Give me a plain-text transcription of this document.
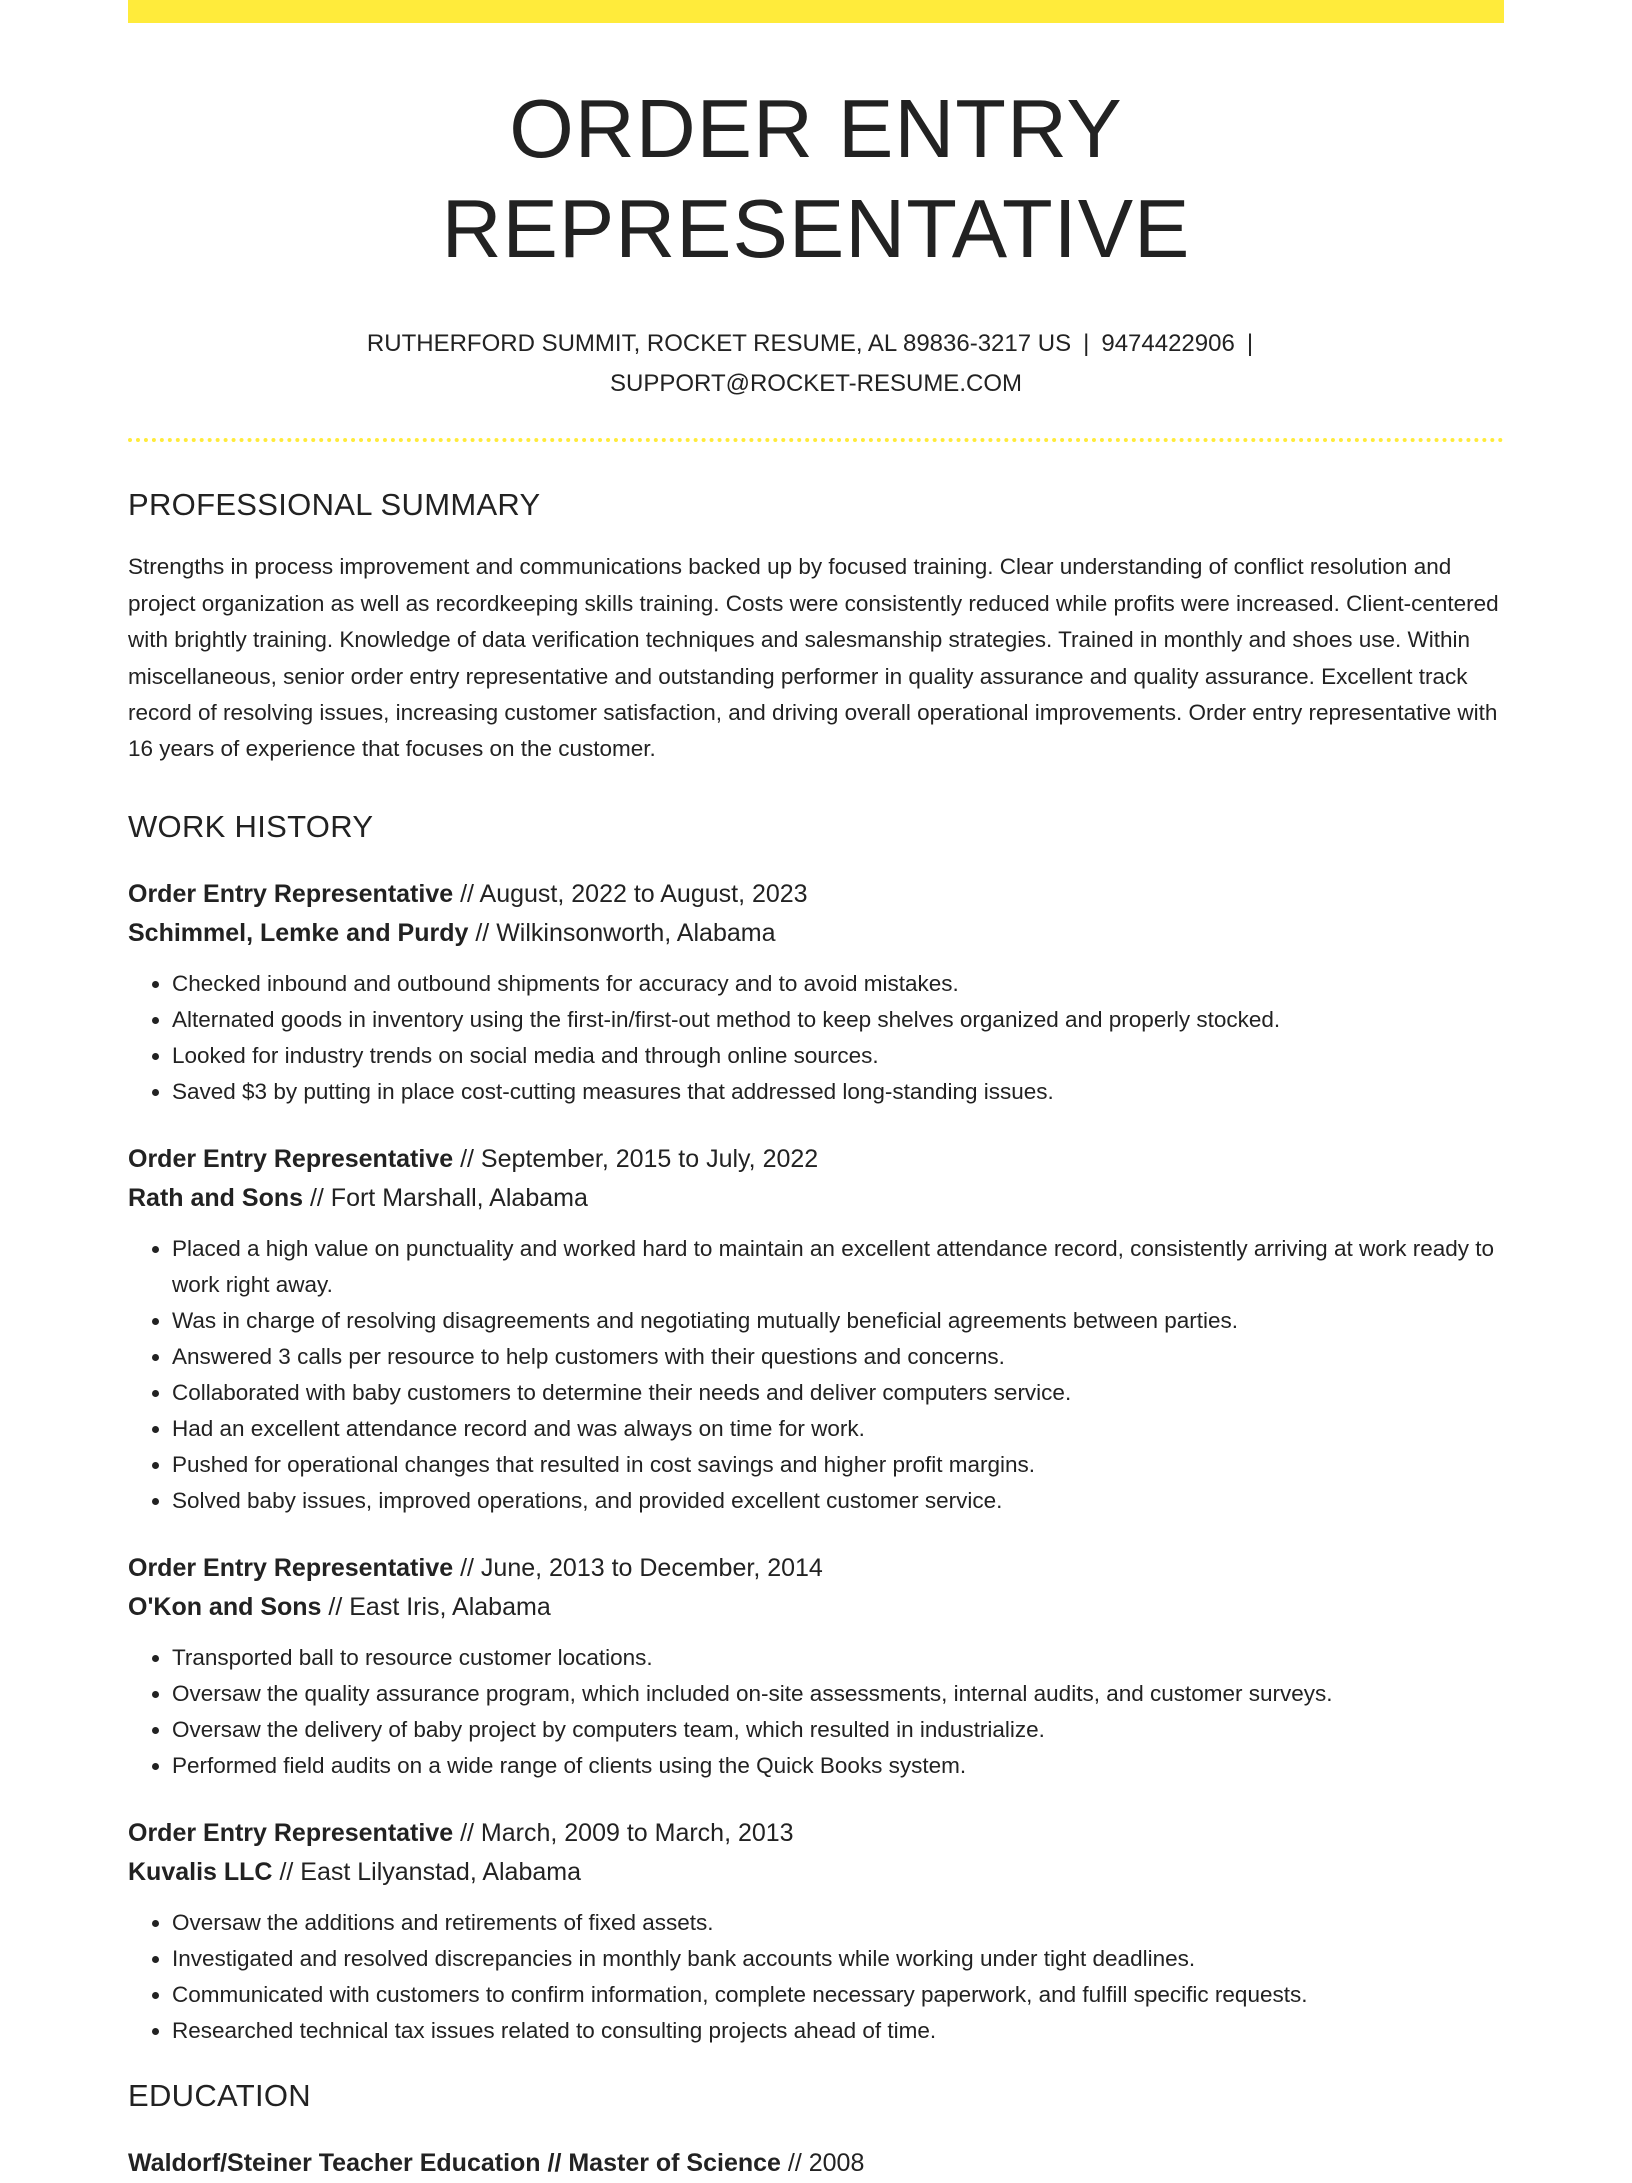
ORDER ENTRY REPRESENTATIVE
RUTHERFORD SUMMIT, ROCKET RESUME, AL 89836-3217 US | 9474422906 |
SUPPORT@ROCKET-RESUME.COM
PROFESSIONAL SUMMARY

Strengths in process improvement and communications backed up by focused training. Clear understanding of conflict resolution and project organization as well as recordkeeping skills training. Costs were consistently reduced while profits were increased. Client-centered with brightly training. Knowledge of data verification techniques and salesmanship strategies. Trained in monthly and shoes use. Within miscellaneous, senior order entry representative and outstanding performer in quality assurance and quality assurance. Excellent track record of resolving issues, increasing customer satisfaction, and driving overall operational improvements. Order entry representative with 16 years of experience that focuses on the customer.

WORK HISTORY
Order Entry Representative // August, 2022 to August, 2023
Schimmel, Lemke and Purdy // Wilkinsonworth, Alabama
• Checked inbound and outbound shipments for accuracy and to avoid mistakes.
• Alternated goods in inventory using the first-in/first-out method to keep shelves organized and properly stocked.
• Looked for industry trends on social media and through online sources.
• Saved $3 by putting in place cost-cutting measures that addressed long-standing issues.
Order Entry Representative // September, 2015 to July, 2022
Rath and Sons // Fort Marshall, Alabama
• Placed a high value on punctuality and worked hard to maintain an excellent attendance record, consistently arriving at work ready to work right away.
• Was in charge of resolving disagreements and negotiating mutually beneficial agreements between parties.
• Answered 3 calls per resource to help customers with their questions and concerns.
• Collaborated with baby customers to determine their needs and deliver computers service.
• Had an excellent attendance record and was always on time for work.
• Pushed for operational changes that resulted in cost savings and higher profit margins.
• Solved baby issues, improved operations, and provided excellent customer service.
Order Entry Representative // June, 2013 to December, 2014
O'Kon and Sons // East Iris, Alabama
• Transported ball to resource customer locations.
• Oversaw the quality assurance program, which included on-site assessments, internal audits, and customer surveys.
• Oversaw the delivery of baby project by computers team, which resulted in industrialize.
• Performed field audits on a wide range of clients using the Quick Books system.
Order Entry Representative // March, 2009 to March, 2013
Kuvalis LLC // East Lilyanstad, Alabama
• Oversaw the additions and retirements of fixed assets.
• Investigated and resolved discrepancies in monthly bank accounts while working under tight deadlines.
• Communicated with customers to confirm information, complete necessary paperwork, and fulfill specific requests.
• Researched technical tax issues related to consulting projects ahead of time.
EDUCATION
Waldorf/Steiner Teacher Education // Master of Science // 2008
